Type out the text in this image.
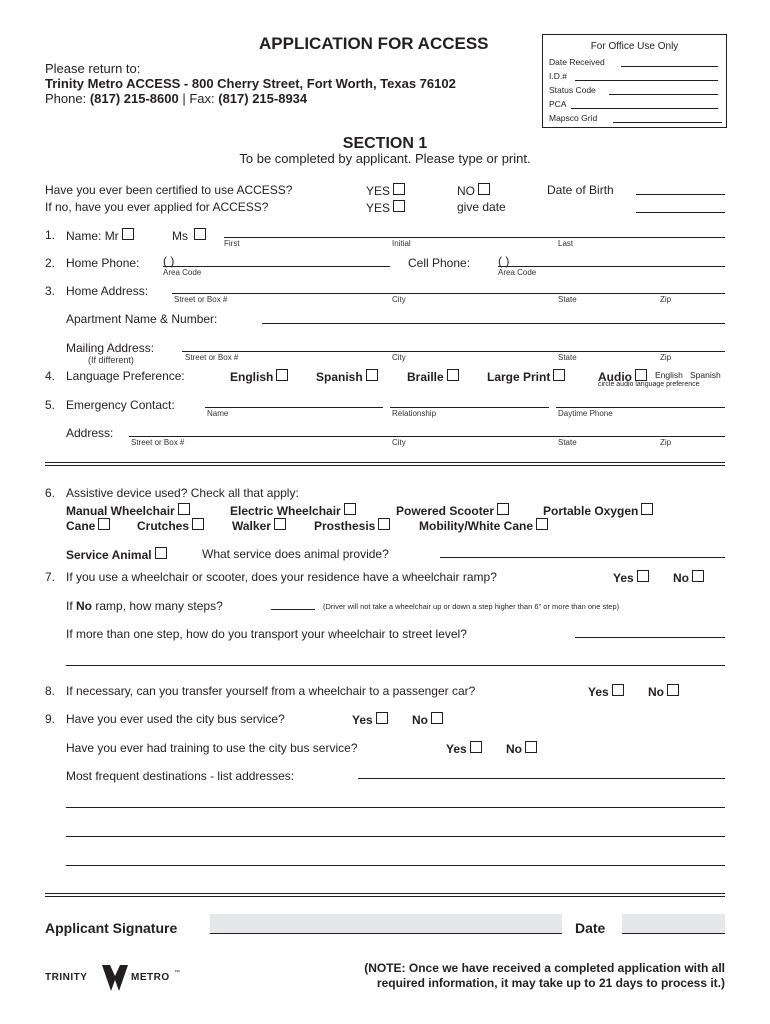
APPLICATION FOR ACCESS
Please return to:
Trinity Metro ACCESS - 800 Cherry Street, Fort Worth, Texas 76102
Phone: (817) 215-8600 | Fax: (817) 215-8934
For Office Use Only
Date Received
I.D.#
Status Code
PCA
Mapsco Grid
SECTION 1
To be completed by applicant. Please type or print.
Have you ever been certified to use ACCESS?	YES	NO	Date of Birth
If no, have you ever applied for ACCESS?	YES	give date
1. Name: Mr	Ms
First	Initial	Last
2. Home Phone: ( )
Area Code
Cell Phone: ( )
Area Code
3. Home Address:
Street or Box #	City	State	Zip
Apartment Name & Number:
Mailing Address:
(If different)	Street or Box #	City	State	Zip
4. Language Preference:	English	Spanish	Braille	Large Print	Audio	English Spanish
circle audio language preference
5. Emergency Contact:
Name	Relationship	Daytime Phone
Address:
Street or Box #	City	State	Zip
6. Assistive device used? Check all that apply:
Manual Wheelchair	Electric Wheelchair	Powered Scooter	Portable Oxygen
Cane	Crutches	Walker	Prosthesis	Mobility/White Cane
Service Animal	What service does animal provide?
7. If you use a wheelchair or scooter, does your residence have a wheelchair ramp?	Yes	No
If No ramp, how many steps?	(Driver will not take a wheelchair up or down a step higher than 6" or more than one step)
If more than one step, how do you transport your wheelchair to street level?
8. If necessary, can you transfer yourself from a wheelchair to a passenger car?	Yes	No
9. Have you ever used the city bus service?	Yes	No
Have you ever had training to use the city bus service?	Yes	No
Most frequent destinations - list addresses:
Applicant Signature	Date
TRINITY	METRO ™	(NOTE: Once we have received a completed application with all
required information, it may take up to 21 days to process it.)
